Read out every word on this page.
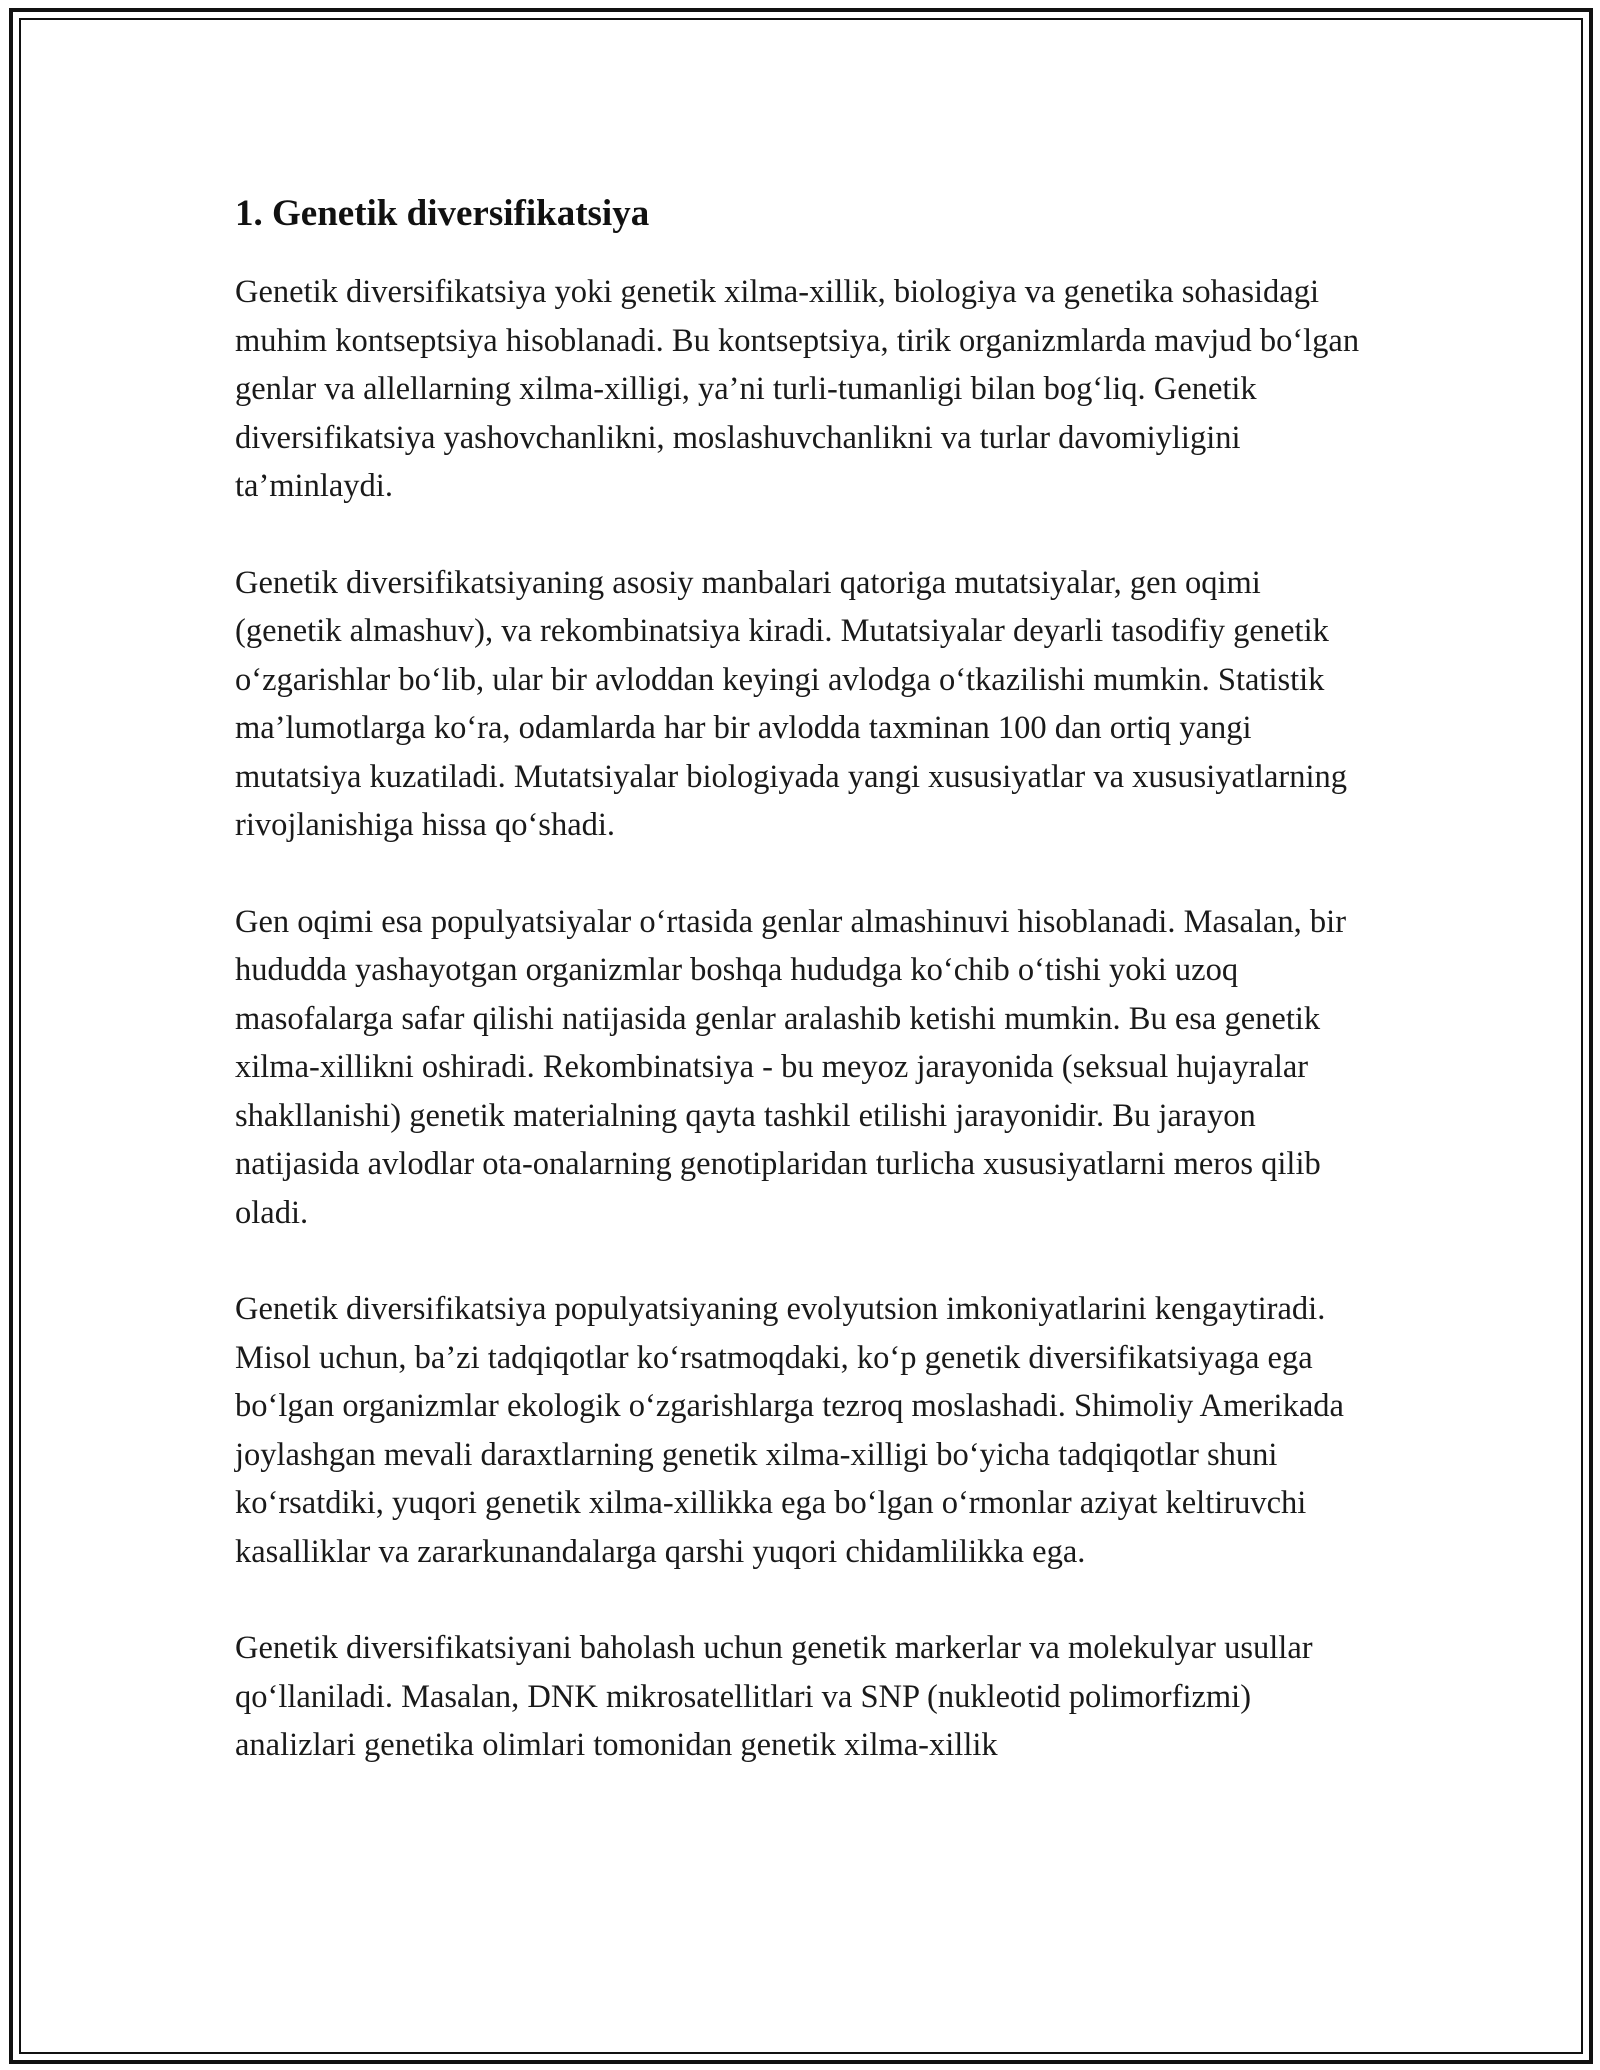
1. Genetik diversifikatsiya

Genetik diversifikatsiya yoki genetik xilma-xillik, biologiya va genetika sohasidagi muhim kontseptsiya hisoblanadi. Bu kontseptsiya, tirik organizmlarda mavjud bo‘lgan genlar va allellarning xilma-xilligi, ya’ni turli-tumanligi bilan bog‘liq. Genetik diversifikatsiya yashovchanlikni, moslashuvchanlikni va turlar davomiyligini ta’minlaydi.

Genetik diversifikatsiyaning asosiy manbalari qatoriga mutatsiyalar, gen oqimi (genetik almashuv), va rekombinatsiya kiradi. Mutatsiyalar deyarli tasodifiy genetik o‘zgarishlar bo‘lib, ular bir avloddan keyingi avlodga o‘tkazilishi mumkin. Statistik ma’lumotlarga ko‘ra, odamlarda har bir avlodda taxminan 100 dan ortiq yangi mutatsiya kuzatiladi. Mutatsiyalar biologiyada yangi xususiyatlar va xususiyatlarning rivojlanishiga hissa qo‘shadi.

Gen oqimi esa populyatsiyalar o‘rtasida genlar almashinuvi hisoblanadi. Masalan, bir hududda yashayotgan organizmlar boshqa hududga ko‘chib o‘tishi yoki uzoq masofalarga safar qilishi natijasida genlar aralashib ketishi mumkin. Bu esa genetik xilma-xillikni oshiradi. Rekombinatsiya - bu meyoz jarayonida (seksual hujayralar shakllanishi) genetik materialning qayta tashkil etilishi jarayonidir. Bu jarayon natijasida avlodlar ota-onalarning genotiplaridan turlicha xususiyatlarni meros qilib oladi.

Genetik diversifikatsiya populyatsiyaning evolyutsion imkoniyatlarini kengaytiradi. Misol uchun, ba’zi tadqiqotlar ko‘rsatmoqdaki, ko‘p genetik diversifikatsiyaga ega bo‘lgan organizmlar ekologik o‘zgarishlarga tezroq moslashadi. Shimoliy Amerikada joylashgan mevali daraxtlarning genetik xilma-xilligi bo‘yicha tadqiqotlar shuni ko‘rsatdiki, yuqori genetik xilma-xillikka ega bo‘lgan o‘rmonlar aziyat keltiruvchi kasalliklar va zararkunandalarga qarshi yuqori chidamlilikka ega.

Genetik diversifikatsiyani baholash uchun genetik markerlar va molekulyar usullar qo‘llaniladi. Masalan, DNK mikrosatellitlari va SNP (nukleotid polimorfizmi) analizlari genetika olimlari tomonidan genetik xilma-xillik
